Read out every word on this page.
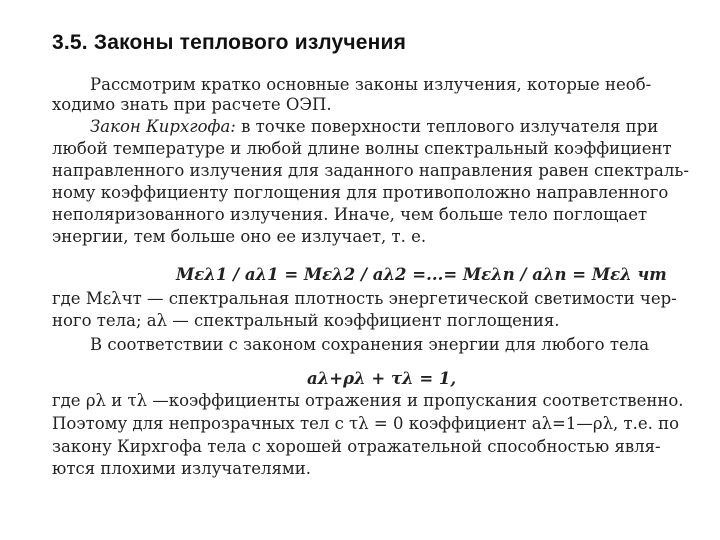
3.5. Законы теплового излучения
Рассмотрим кратко основные законы излучения, которые необ-
ходимо знать при расчете ОЭП.
Закон Кирхгофа: в точке поверхности теплового излучателя при
любой температуре и любой длине волны спектральный коэффициент
направленного излучения для заданного направления равен спектраль-
ному коэффициенту поглощения для противоположно направленного
неполяризованного излучения. Иначе, чем больше тело поглощает
энергии, тем больше оно ее излучает, т. е.
Mελ1 / aλ1 = Mελ2 / aλ2 =...= Mελn / aλn = Mελ чт
где Mελчт — спектральная плотность энергетической светимости чер-
ного тела; aλ — спектральный коэффициент поглощения.
В соответствии с законом сохранения энергии для любого тела
aλ+ρλ + τλ = 1,
где ρλ и τλ —коэффициенты отражения и пропускания соответственно.
Поэтому для непрозрачных тел с τλ = 0 коэффициент aλ=1—ρλ, т.е. по
закону Кирхгофа тела с хорошей отражательной способностью явля-
ются плохими излучателями.
